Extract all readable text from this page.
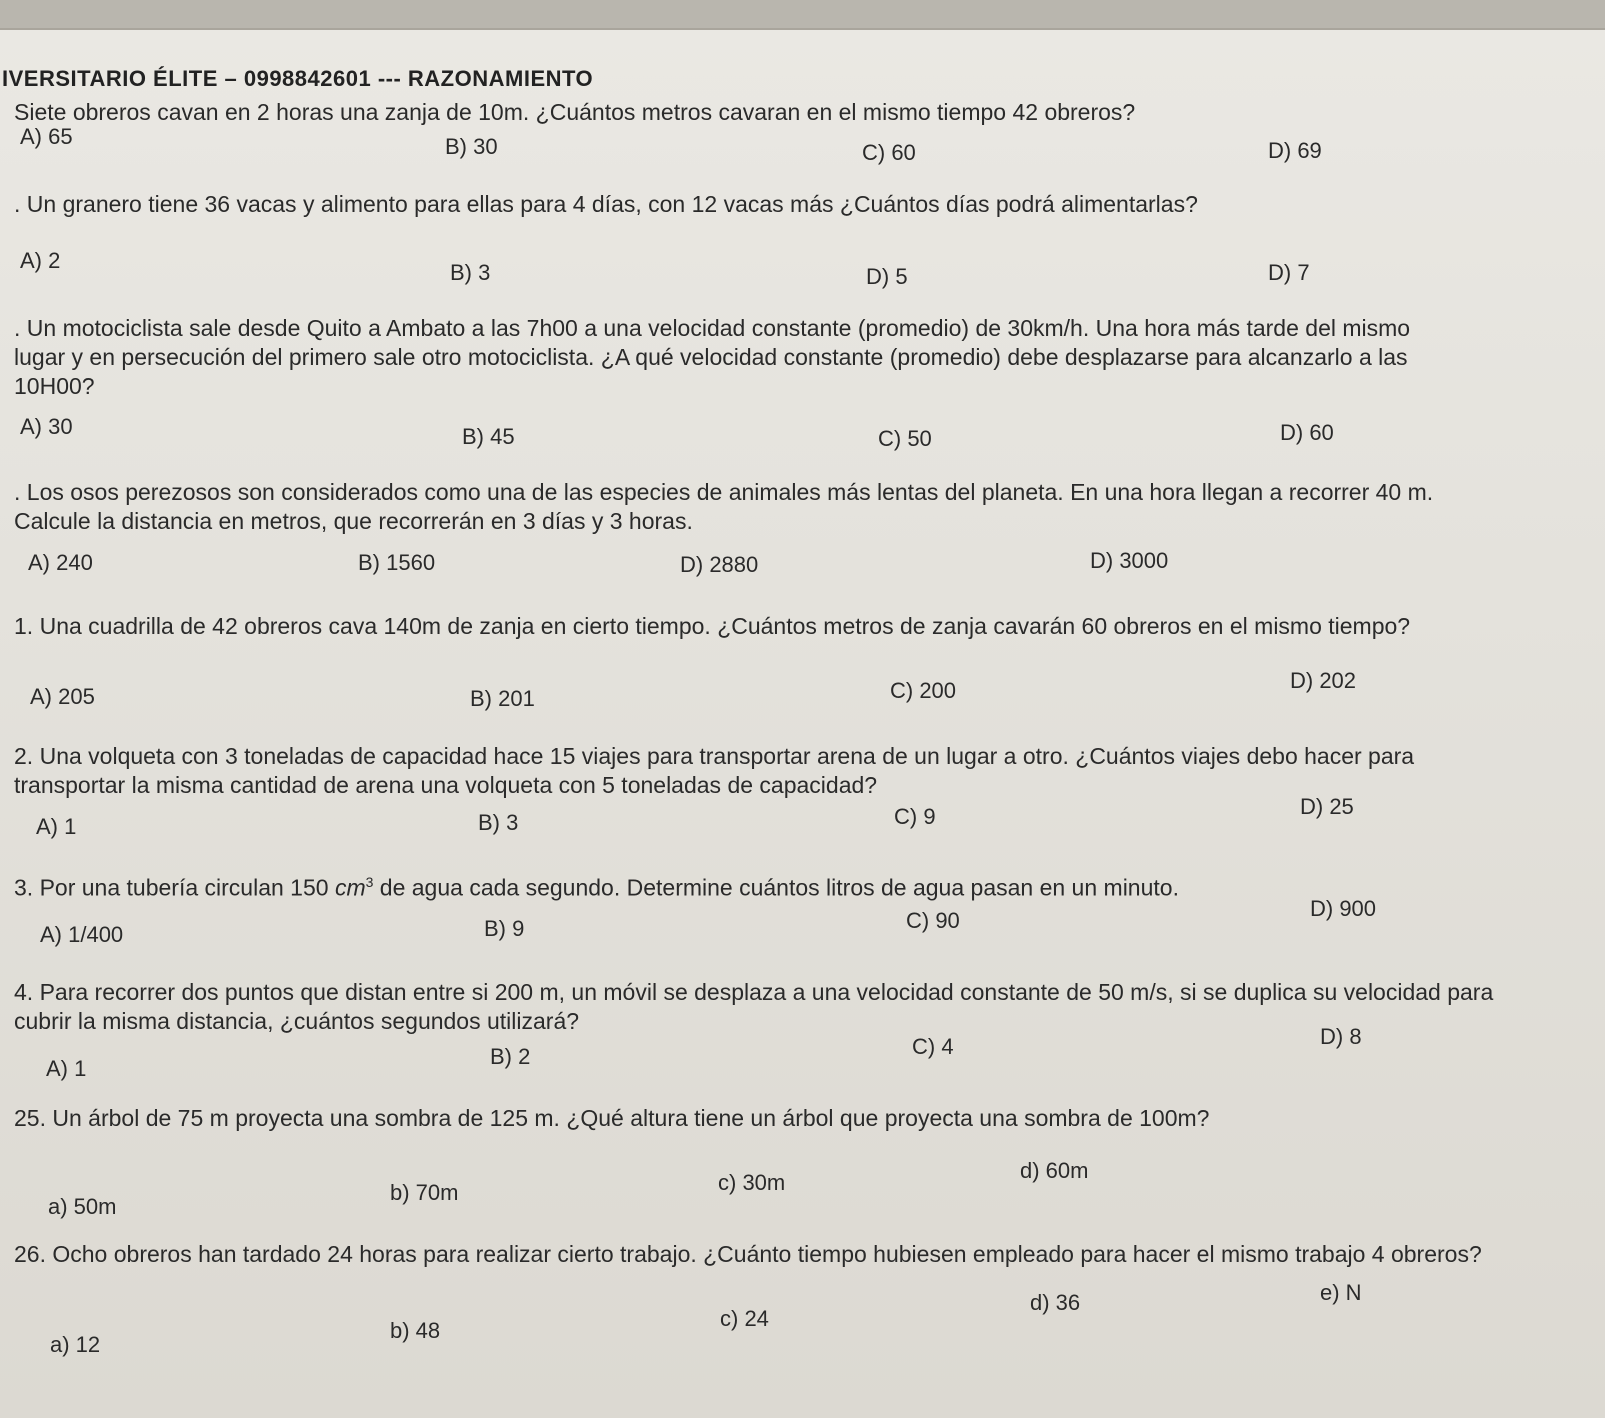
IVERSITARIO ÉLITE – 0998842601 --- RAZONAMIENTO
Siete obreros cavan en 2 horas una zanja de 10m. ¿Cuántos metros cavaran en el mismo tiempo 42 obreros?
A) 65	B) 30	C) 60	D) 69
. Un granero tiene 36 vacas y alimento para ellas para 4 días, con 12 vacas más ¿Cuántos días podrá alimentarlas?
A) 2	B) 3	D) 5	D) 7
. Un motociclista sale desde Quito a Ambato a las 7h00 a una velocidad constante (promedio) de 30km/h. Una hora más tarde del mismo lugar y en persecución del primero sale otro motociclista. ¿A qué velocidad constante (promedio) debe desplazarse para alcanzarlo a las 10H00?
A) 30	B) 45	C) 50	D) 60
. Los osos perezosos son considerados como una de las especies de animales más lentas del planeta. En una hora llegan a recorrer 40 m. Calcule la distancia en metros, que recorrerán en 3 días y 3 horas.
A) 240	B) 1560	D) 2880	D) 3000
1. Una cuadrilla de 42 obreros cava 140m de zanja en cierto tiempo. ¿Cuántos metros de zanja cavarán 60 obreros en el mismo tiempo?
A) 205	B) 201	C) 200	D) 202
2. Una volqueta con 3 toneladas de capacidad hace 15 viajes para transportar arena de un lugar a otro. ¿Cuántos viajes debo hacer para transportar la misma cantidad de arena una volqueta con 5 toneladas de capacidad?
A) 1	B) 3	C) 9	D) 25
3. Por una tubería circulan 150 $cm^3$ de agua cada segundo. Determine cuántos litros de agua pasan en un minuto.
A) 1/400	B) 9	C) 90	D) 900
4. Para recorrer dos puntos que distan entre si 200 m, un móvil se desplaza a una velocidad constante de 50 m/s, si se duplica su velocidad para cubrir la misma distancia, ¿cuántos segundos utilizará?
A) 1	B) 2	C) 4	D) 8
25. Un árbol de 75 m proyecta una sombra de 125 m. ¿Qué altura tiene un árbol que proyecta una sombra de 100m?
a) 50m
b) 70m	c) 30m	d) 60m
26. Ocho obreros han tardado 24 horas para realizar cierto trabajo. ¿Cuánto tiempo hubiesen empleado para hacer el mismo trabajo 4 obreros?
a) 12
b) 48	c) 24
d) 36	e) N
